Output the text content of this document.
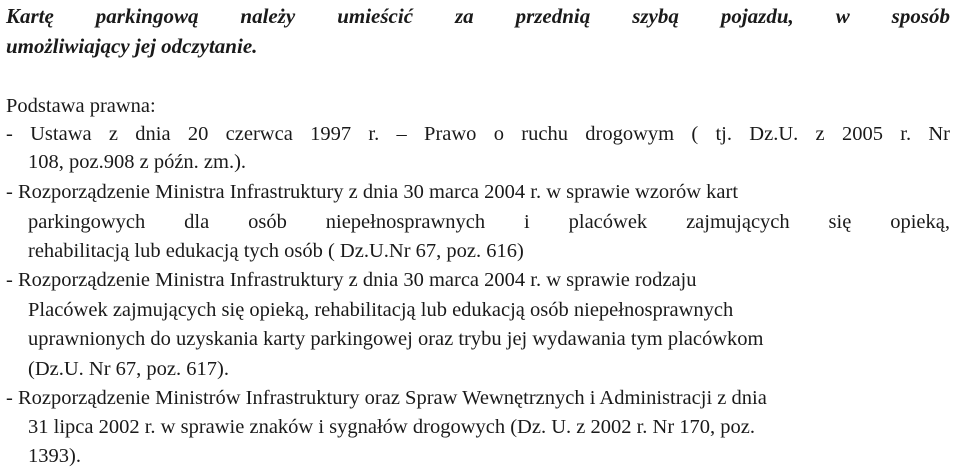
Kartę parkingową należy umieścić za przednią szybą pojazdu, w sposób
umożliwiający jej odczytanie.
Podstawa prawna:
- Ustawa z dnia 20 czerwca 1997 r. – Prawo o ruchu drogowym ( tj. Dz.U. z 2005 r. Nr
108, poz.908 z późn. zm.).
- Rozporządzenie Ministra Infrastruktury z dnia 30 marca 2004 r. w sprawie wzorów kart
parkingowych dla osób niepełnosprawnych i placówek zajmujących się opieką,
rehabilitacją lub edukacją tych osób ( Dz.U.Nr 67, poz. 616)
- Rozporządzenie Ministra Infrastruktury z dnia 30 marca 2004 r. w sprawie rodzaju
Placówek zajmujących się opieką, rehabilitacją lub edukacją osób niepełnosprawnych
uprawnionych do uzyskania karty parkingowej oraz trybu jej wydawania tym placówkom
(Dz.U. Nr 67, poz. 617).
- Rozporządzenie Ministrów Infrastruktury oraz Spraw Wewnętrznych i Administracji z dnia
31 lipca 2002 r. w sprawie znaków i sygnałów drogowych (Dz. U. z 2002 r. Nr 170, poz.
1393).
